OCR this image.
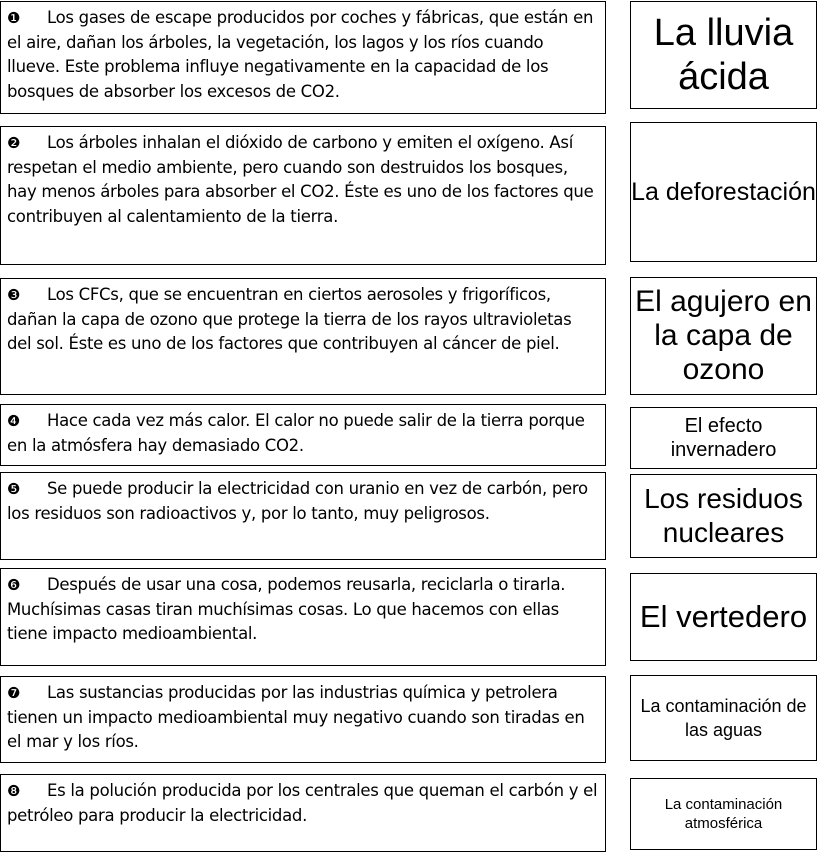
❶ Los gases de escape producidos por coches y fábricas, que están en el aire, dañan los árboles, la vegetación, los lagos y los ríos cuando llueve. Este problema influye negativamente en la capacidad de los bosques de absorber los excesos de CO2.
❷ Los árboles inhalan el dióxido de carbono y emiten el oxígeno. Así respetan el medio ambiente, pero cuando son destruidos los bosques, hay menos árboles para absorber el CO2. Éste es uno de los factores que contribuyen al calentamiento de la tierra.
❸ Los CFCs, que se encuentran en ciertos aerosoles y frigoríficos, dañan la capa de ozono que protege la tierra de los rayos ultravioletas del sol. Éste es uno de los factores que contribuyen al cáncer de piel.
❹ Hace cada vez más calor. El calor no puede salir de la tierra porque en la atmósfera hay demasiado CO2.
❺ Se puede producir la electricidad con uranio en vez de carbón, pero los residuos son radioactivos y, por lo tanto, muy peligrosos.
❻ Después de usar una cosa, podemos reusarla, reciclarla o tirarla. Muchísimas casas tiran muchísimas cosas. Lo que hacemos con ellas tiene impacto medioambiental.
❼ Las sustancias producidas por las industrias química y petrolera tienen un impacto medioambiental muy negativo cuando son tiradas en el mar y los ríos.
❽ Es la polución producida por los centrales que queman el carbón y el petróleo para producir la electricidad.
La lluvia ácida
La deforestación
El agujero en la capa de ozono
El efecto invernadero
Los residuos nucleares
El vertedero
La contaminación de las aguas
La contaminación atmosférica
